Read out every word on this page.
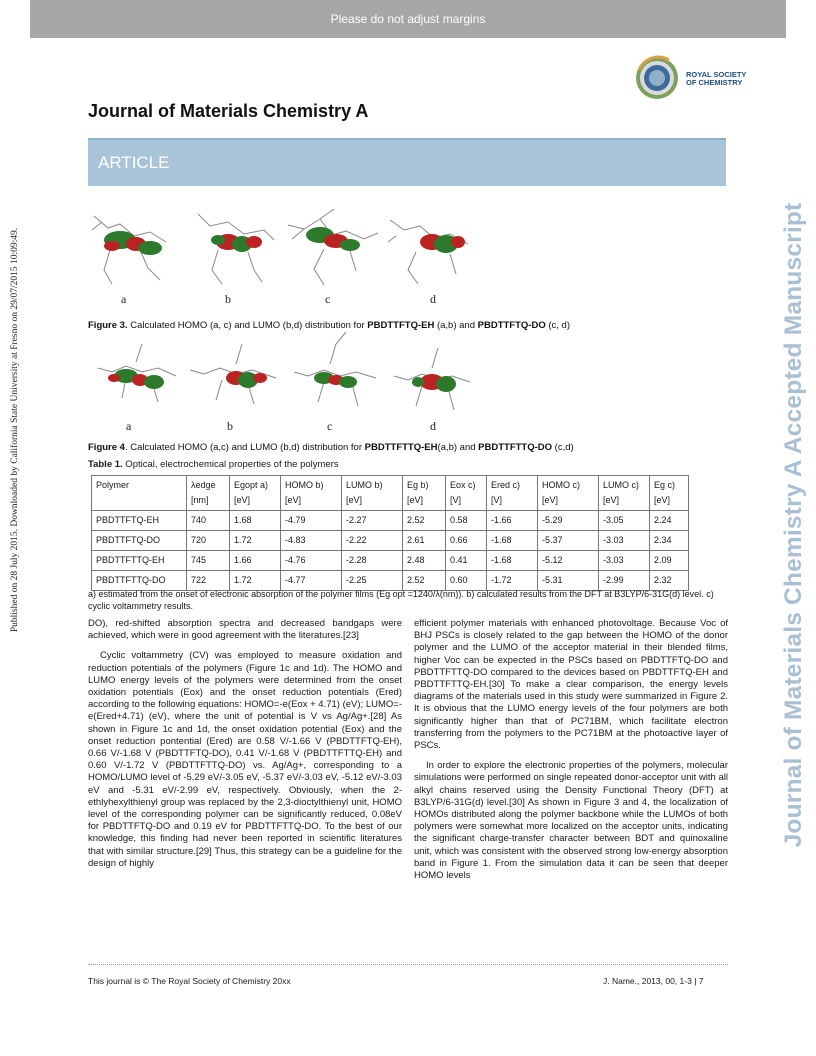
Please do not adjust margins
Published on 28 July 2015. Downloaded by California State University at Fresno on 29/07/2015 10:09:49.	Journal of Materials Chemistry A Accepted Manuscript
ROYAL SOCIETY
OF CHEMISTRY
Journal of Materials Chemistry A
ARTICLE
a	b	c	d
Figure 3. Calculated HOMO (a, c) and LUMO (b,d) distribution for PBDTTFTQ-EH (a,b) and PBDTTFTQ-DO (c, d)
a	b	c	d
Figure 4. Calculated HOMO (a,c) and LUMO (b,d) distribution for PBDTTFTTQ-EH(a,b) and PBDTTFTTQ-DO (c,d)
Table 1. Optical, electrochemical properties of the polymers
Polymer	λedge [nm]	Egopt a) [eV]	HOMO b) [eV]	LUMO b) [eV]	Eg b) [eV]	Eox c) [V]	Ered c) [V]	HOMO c) [eV]	LUMO c) [eV]	Eg c) [eV]
PBDTTFTQ-EH	740	1.68	-4.79	-2.27	2.52	0.58	-1.66	-5.29	-3.05	2.24
PBDTTFTQ-DO	720	1.72	-4.83	-2.22	2.61	0.66	-1.68	-5.37	-3.03	2.34
PBDTTFTTQ-EH	745	1.66	-4.76	-2.28	2.48	0.41	-1.68	-5.12	-3.03	2.09
PBDTTFTTQ-DO	722	1.72	-4.77	-2.25	2.52	0.60	-1.72	-5.31	-2.99	2.32
a) estimated from the onset of electronic absorption of the polymer films (Eg opt =1240/λ(nm)). b) calculated results from the DFT at B3LYP/6-31G(d) level. c) cyclic voltammetry results.

DO), red-shifted absorption spectra and decreased bandgaps were achieved, which were in good agreement with the literatures.[23]

Cyclic voltammetry (CV) was employed to measure oxidation and reduction potentials of the polymers (Figure 1c and 1d). The HOMO and LUMO energy levels of the polymers were determined from the onset oxidation potentials (Eox) and the onset reduction potentials (Ered) according to the following equations: HOMO=-e(Eox + 4.71) (eV); LUMO=-e(Ered+4.71) (eV), where the unit of potential is V vs Ag/Ag+.[28] As shown in Figure 1c and 1d, the onset oxidation potential (Eox) and the onset reduction pontential (Ered) are 0.58 V/-1.66 V (PBDTTFTQ-EH), 0.66 V/-1.68 V (PBDTTFTQ-DO), 0.41 V/-1.68 V (PBDTTFTTQ-EH) and 0.60 V/-1.72 V (PBDTTFTTQ-DO) vs. Ag/Ag+, corresponding to a HOMO/LUMO level of -5.29 eV/-3.05 eV, -5.37 eV/-3.03 eV, -5.12 eV/-3.03 eV and -5.31 eV/-2.99 eV, respectively. Obviously, when the 2-ethlyhexylthienyl group was replaced by the 2,3-dioctylthienyl unit, HOMO level of the corresponding polymer can be significantly reduced, 0.08eV for PBDTTFTQ-DO and 0.19 eV for PBDTTFTTQ-DO. To the best of our knowledge, this finding had never been reported in scientific literatures that with similar structure.[29] Thus, this strategy can be a guideline for the design of highly

efficient polymer materials with enhanced photovoltage. Because Voc of BHJ PSCs is closely related to the gap between the HOMO of the donor polymer and the LUMO of the acceptor material in their blended films, higher Voc can be expected in the PSCs based on PBDTTFTQ-DO and PBDTTFTTQ-DO compared to the devices based on PBDTTFTQ-EH and PBDTTFTTQ-EH.[30] To make a clear comparison, the energy levels diagrams of the materials used in this study were summarized in Figure 2. It is obvious that the LUMO energy levels of the four polymers are both significantly higher than that of PC71BM, which facilitate electron transferring from the polymers to the PC71BM at the photoactive layer of PSCs.

In order to explore the electronic properties of the polymers, molecular simulations were performed on single repeated donor-acceptor unit with all alkyl chains reserved using the Density Functional Theory (DFT) at B3LYP/6-31G(d) level.[30] As shown in Figure 3 and 4, the localization of HOMOs distributed along the polymer backbone while the LUMOs of both polymers were somewhat more localized on the acceptor units, indicating the significant charge-transfer character between BDT and quinoxaline unit, which was consistent with the observed strong low-energy absorption band in Figure 1. From the simulation data it can be seen that deeper HOMO levels

This journal is © The Royal Society of Chemistry 20xx	J. Name., 2013, 00, 1-3 | 7
